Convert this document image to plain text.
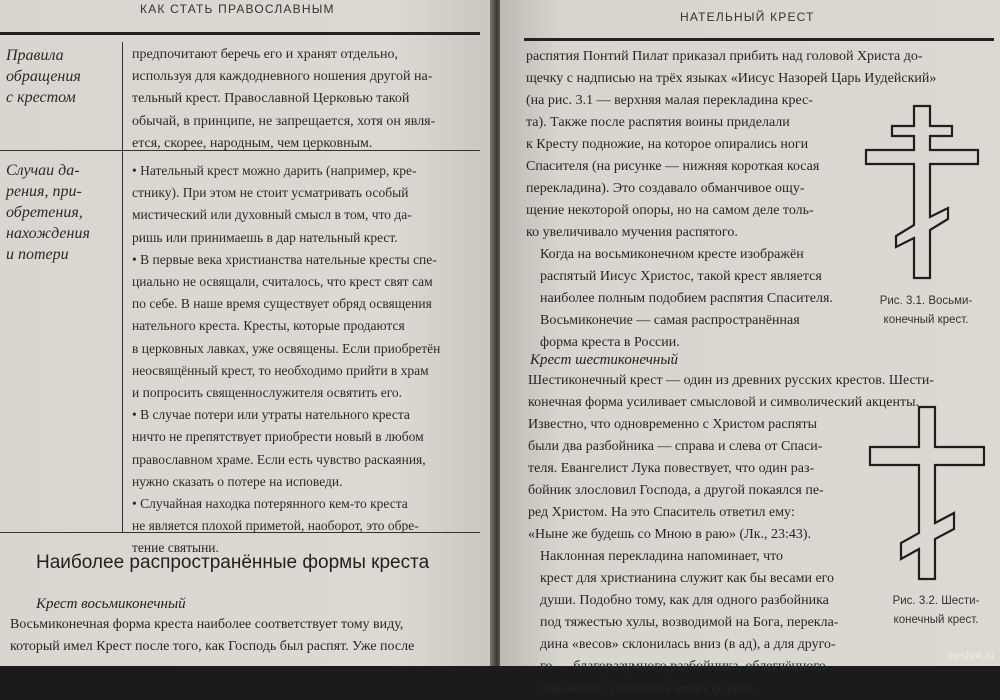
КАК СТАТЬ ПРАВОСЛАВНЫМ
Правила
обращения
с крестом

предпочитают беречь его и хранят отдельно,

используя для каждодневного ношения другой на-

тельный крест. Православной Церковью такой

обычай, в принципе, не запрещается, хотя он явля-

ется, скорее, народным, чем церковным.

Случаи да-
рения, при-
обретения,
нахождения
и потери

• Нательный крест можно дарить (например, кре-

стнику). При этом не стоит усматривать особый

мистический или духовный смысл в том, что да-

ришь или принимаешь в дар нательный крест.

• В первые века христианства нательные кресты спе-

циально не освящали, считалось, что крест свят сам

по себе. В наше время существует обряд освящения

нательного креста. Кресты, которые продаются

в церковных лавках, уже освящены. Если приобретён

неосвящённый крест, то необходимо прийти в храм

и попросить священнослужителя освятить его.

• В случае потери или утраты нательного креста

ничто не препятствует приобрести новый в любом

православном храме. Если есть чувство раскаяния,

нужно сказать о потере на исповеди.

• Случайная находка потерянного кем-то креста

не является плохой приметой, наоборот, это обре-

тение святыни.

Наиболее распространённые формы креста
Крест восьмиконечный

Восьмиконечная форма креста наиболее соответствует тому виду,

который имел Крест после того, как Господь был распят. Уже после

НАТЕЛЬНЫЙ КРЕСТ

распятия Понтий Пилат приказал прибить над головой Христа до-

щечку с надписью на трёх языках «Иисус Назорей Царь Иудейский»

(на рис. 3.1 — верхняя малая перекладина крес-

та). Также после распятия воины приделали

к Кресту подножие, на которое опирались ноги

Спасителя (на рисунке — нижняя короткая косая

перекладина). Это создавало обманчивое ощу-

щение некоторой опоры, но на самом деле толь-

ко увеличивало мучения распятого.

Когда на восьмиконечном кресте изображён

распятый Иисус Христос, такой крест является

наиболее полным подобием распятия Спасителя.

Восьмиконечие — самая распространённая

форма креста в России.

Крест шестиконечный

Шестиконечный крест — один из древних русских крестов. Шести-

конечная форма усиливает смысловой и символический акценты.

Известно, что одновременно с Христом распяты

были два разбойника — справа и слева от Спаси-

теля. Евангелист Лука повествует, что один раз-

бойник злословил Господа, а другой покаялся пе-

ред Христом. На это Спаситель ответил ему:

«Ныне же будешь со Мною в раю» (Лк., 23:43).

Наклонная перекладина напоминает, что

крест для христианина служит как бы весами его

души. Подобно тому, как для одного разбойника

под тяжестью хулы, возводимой на Бога, перекла-

дина «весов» склонилась вниз (в ад), а для друго-

го — благоразумного разбойника, облегчённого

покаянием, поднялась вверх (в рай).

Рис. 3.1. Восьми-
конечный крест.
Рис. 3.2. Шести-
конечный крест.
meshok.ru
